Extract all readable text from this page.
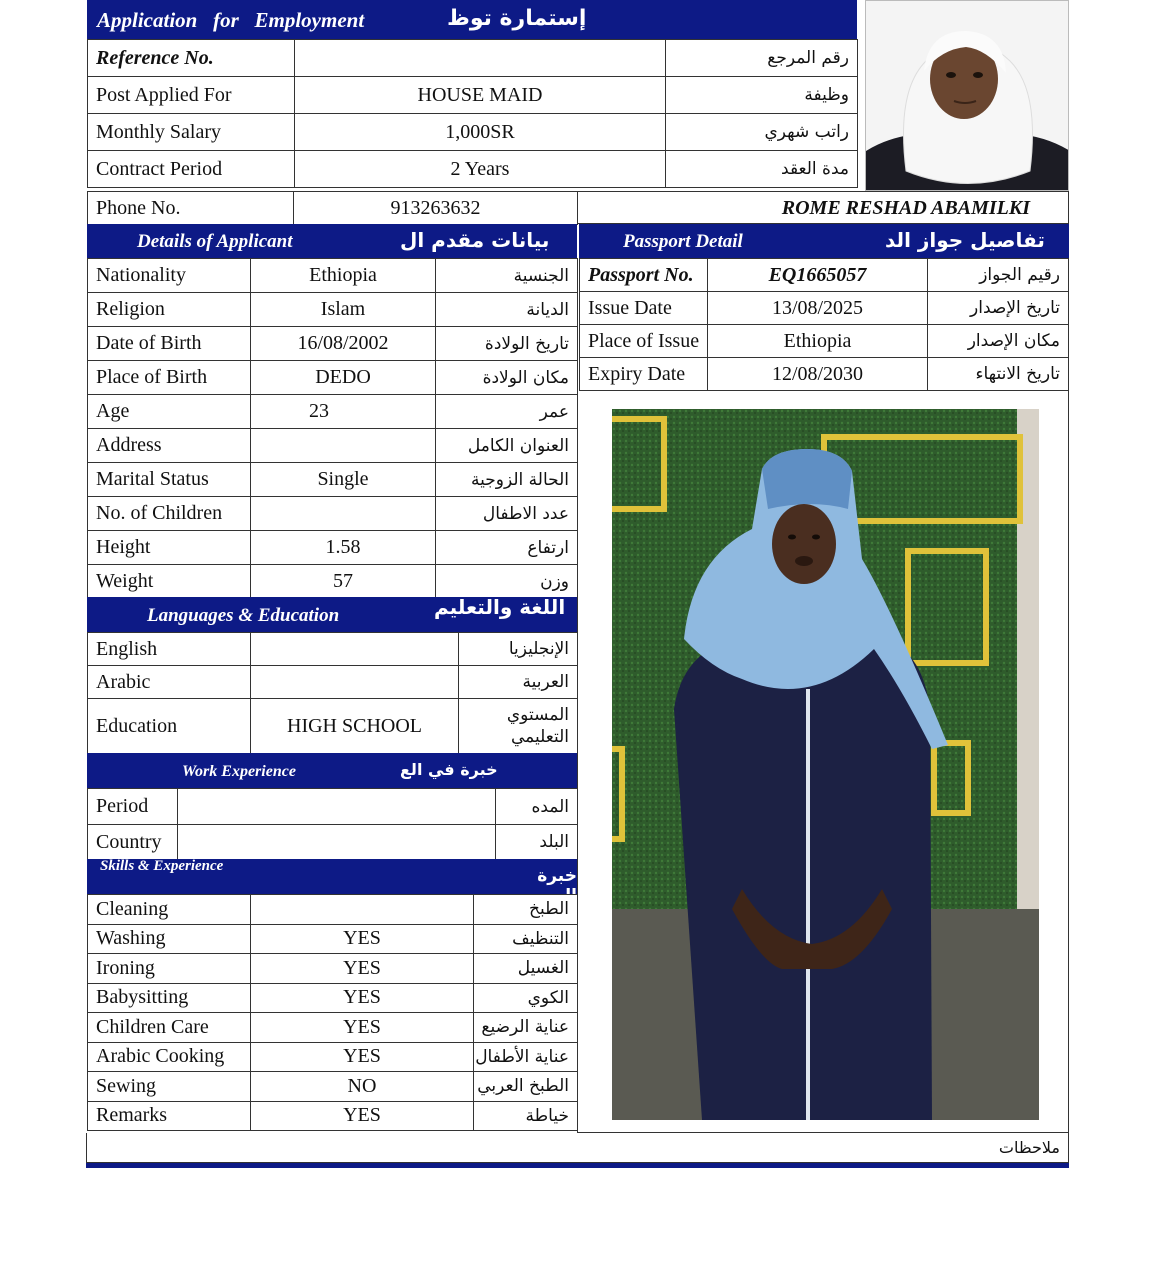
Application   for   Employment	إستمارة توظ
Reference No.		رقم المرجع
Post Applied For	HOUSE MAID	وظيفة
Monthly Salary	1,000SR	راتب شهري
Contract Period	2 Years	مدة العقد
Phone No.	913263632	ROME RESHAD ABAMILKI
Details of Applicant	بيانات مقدم ال	Passport Detail	تفاصيل جواز الد
Nationality	Ethiopia	الجنسية
Religion	Islam	الديانة
Date of Birth	16/08/2002	تاريخ الولادة
Place of Birth	DEDO	مكان الولادة
Age	23	عمر
Address		العنوان الكامل
Marital Status	Single	الحالة الزوجية
No. of Children		عدد الاطفال
Height	1.58	ارتفاع
Weight	57	وزن
Passport No.	EQ1665057	رقيم الجواز
Issue Date	13/08/2025	تاريخ الإصدار
Place of Issue	Ethiopia	مكان الإصدار
Expiry Date	12/08/2030	تاريخ الانتهاء
Languages & Education	اللغة والتعليم
English		الإنجليزيا
Arabic		العربية
Education	HIGH SCHOOL	المستوي التعليمي
Work Experience	خبرة في الع
Period		المده
Country		البلد
Skills & Experience	خبرة العم
Cleaning		الطبخ
Washing	YES	التنظيف
Ironing	YES	الغسيل
Babysitting	YES	الكوي
Children Care	YES	عناية الرضيع
Arabic Cooking	YES	عناية الأطفال
Sewing	NO	الطبخ العربي
Remarks	YES	خياطة
ملاحظات
